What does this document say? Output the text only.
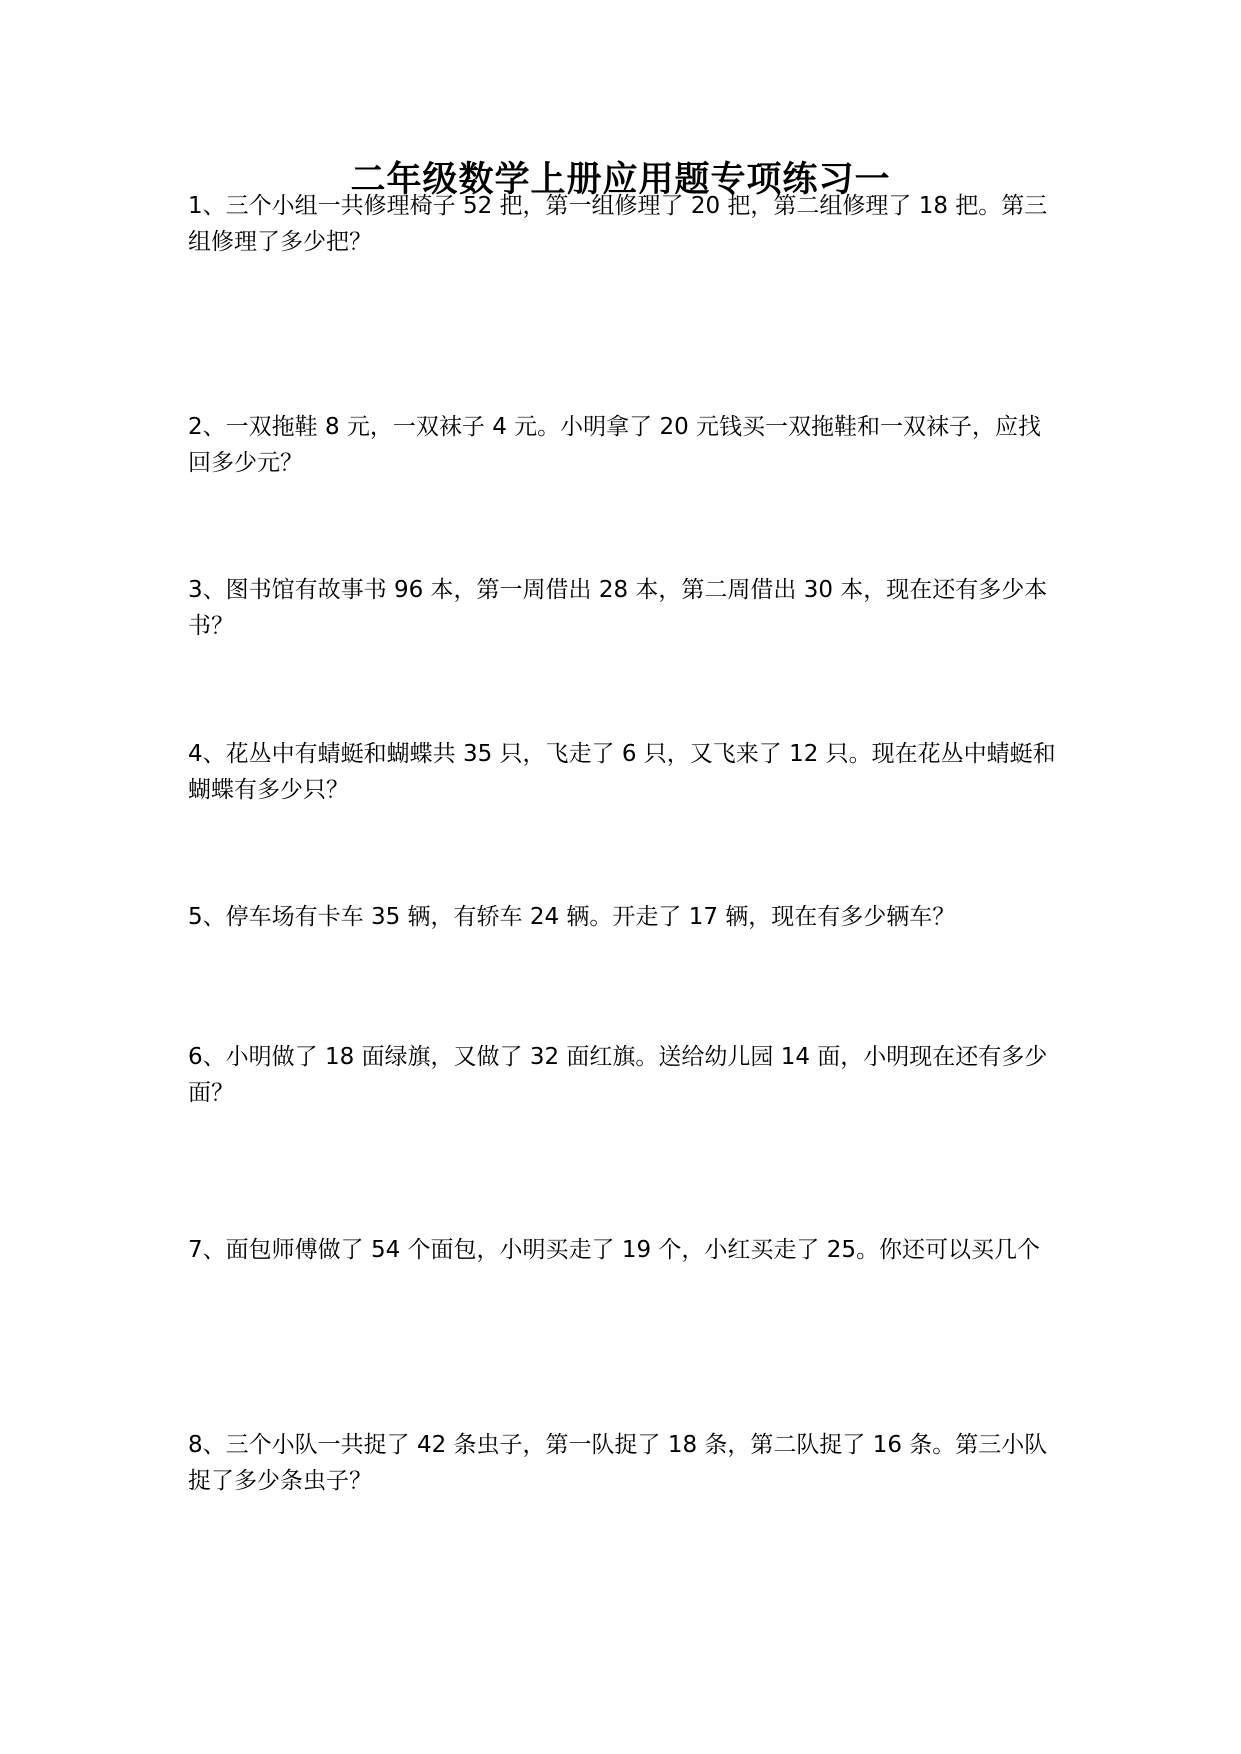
二年级数学上册应用题专项练习一

1、三个小组一共修理椅子 52 把，第一组修理了 20 把，第二组修理了 18 把。第三组修理了多少把？

2、一双拖鞋 8 元，一双袜子 4 元。小明拿了 20 元钱买一双拖鞋和一双袜子，应找回多少元？

3、图书馆有故事书 96 本，第一周借出 28 本，第二周借出 30 本，现在还有多少本书？

4、花丛中有蜻蜓和蝴蝶共 35 只，飞走了 6 只，又飞来了 12 只。现在花丛中蜻蜓和蝴蝶有多少只？

5、停车场有卡车 35 辆，有轿车 24 辆。开走了 17 辆，现在有多少辆车？

6、小明做了 18 面绿旗，又做了 32 面红旗。送给幼儿园 14 面，小明现在还有多少面？

7、面包师傅做了 54 个面包，小明买走了 19 个，小红买走了 25。你还可以买几个

8、三个小队一共捉了 42 条虫子，第一队捉了 18 条，第二队捉了 16 条。第三小队捉了多少条虫子？
